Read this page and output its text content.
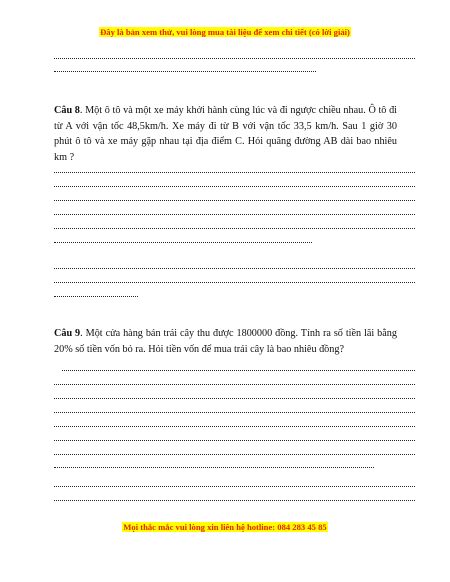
Đây là bản xem thử, vui lòng mua tài liệu để xem chi tiết (có lời giải)
Câu 8. Một ô tô và một xe máy khởi hành cùng lúc và đi ngược chiều nhau. Ô tô đi từ A với vận tốc 48,5km/h. Xe máy đi từ B với vận tốc 33,5 km/h. Sau 1 giờ 30 phút ô tô và xe máy gặp nhau tại địa điểm C. Hỏi quãng đường AB dài bao nhiêu km ?
Câu 9. Một cửa hàng bán trái cây thu được 1800000 đồng. Tính ra số tiền lãi bằng 20% số tiền vốn bỏ ra. Hỏi tiền vốn để mua trái cây là bao nhiêu đồng?
Mọi thắc mắc vui lòng xin liên hệ hotline: 084 283 45 85
